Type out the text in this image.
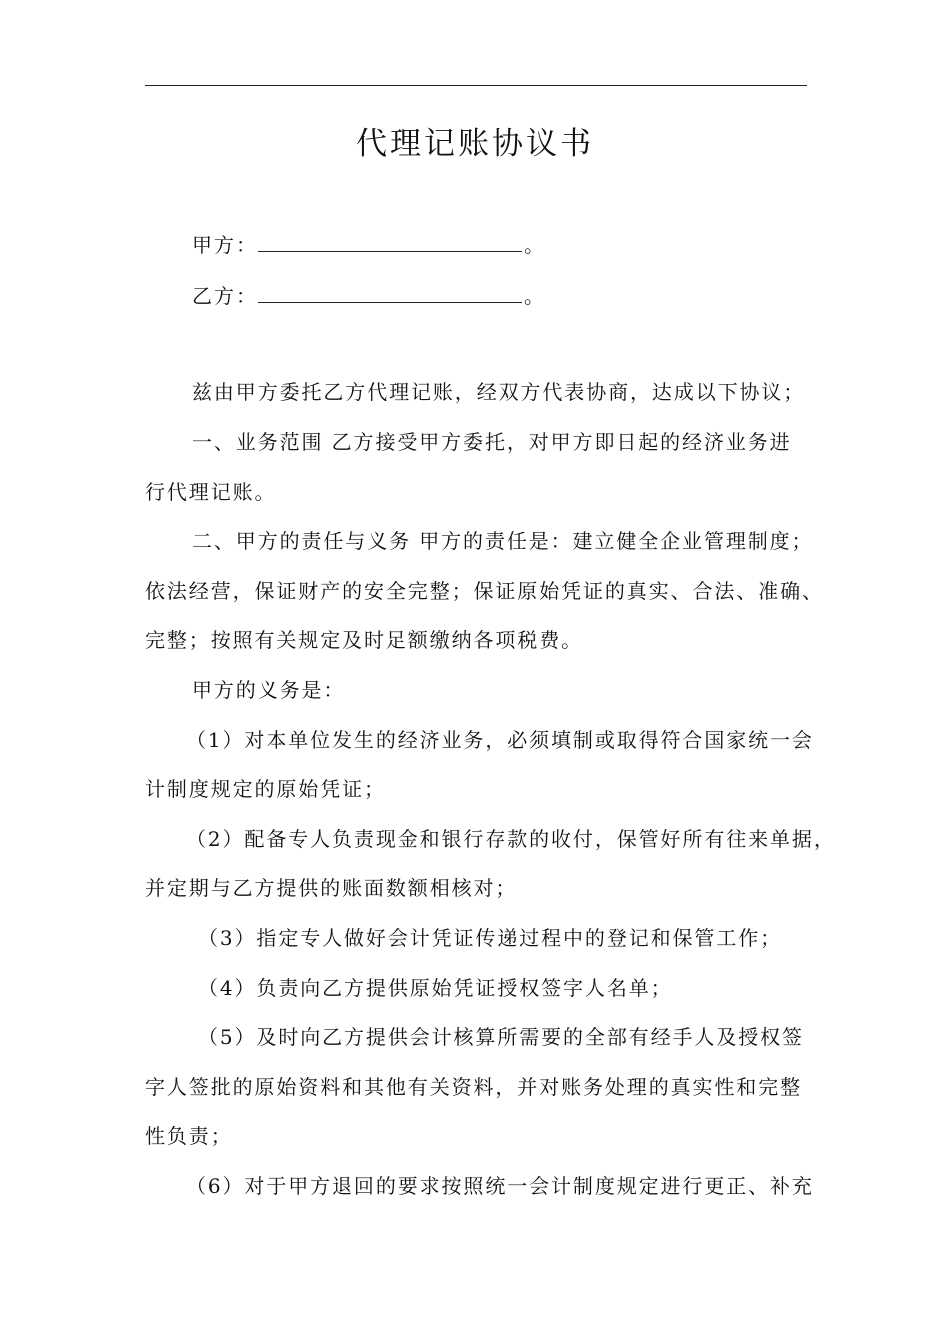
代理记账协议书
甲方：	。
乙方：	。
兹由甲方委托乙方代理记账，经双方代表协商，达成以下协议；
一、业务范围 乙方接受甲方委托，对甲方即日起的经济业务进
行代理记账。
二、甲方的责任与义务 甲方的责任是：建立健全企业管理制度；
依法经营，保证财产的安全完整；保证原始凭证的真实、合法、准确、
完整；按照有关规定及时足额缴纳各项税费。
甲方的义务是：
（1）对本单位发生的经济业务，必须填制或取得符合国家统一会
计制度规定的原始凭证；
（2）配备专人负责现金和银行存款的收付，保管好所有往来单据，
并定期与乙方提供的账面数额相核对；
（3）指定专人做好会计凭证传递过程中的登记和保管工作；
（4）负责向乙方提供原始凭证授权签字人名单；
（5）及时向乙方提供会计核算所需要的全部有经手人及授权签
字人签批的原始资料和其他有关资料，并对账务处理的真实性和完整
性负责；
（6）对于甲方退回的要求按照统一会计制度规定进行更正、补充
